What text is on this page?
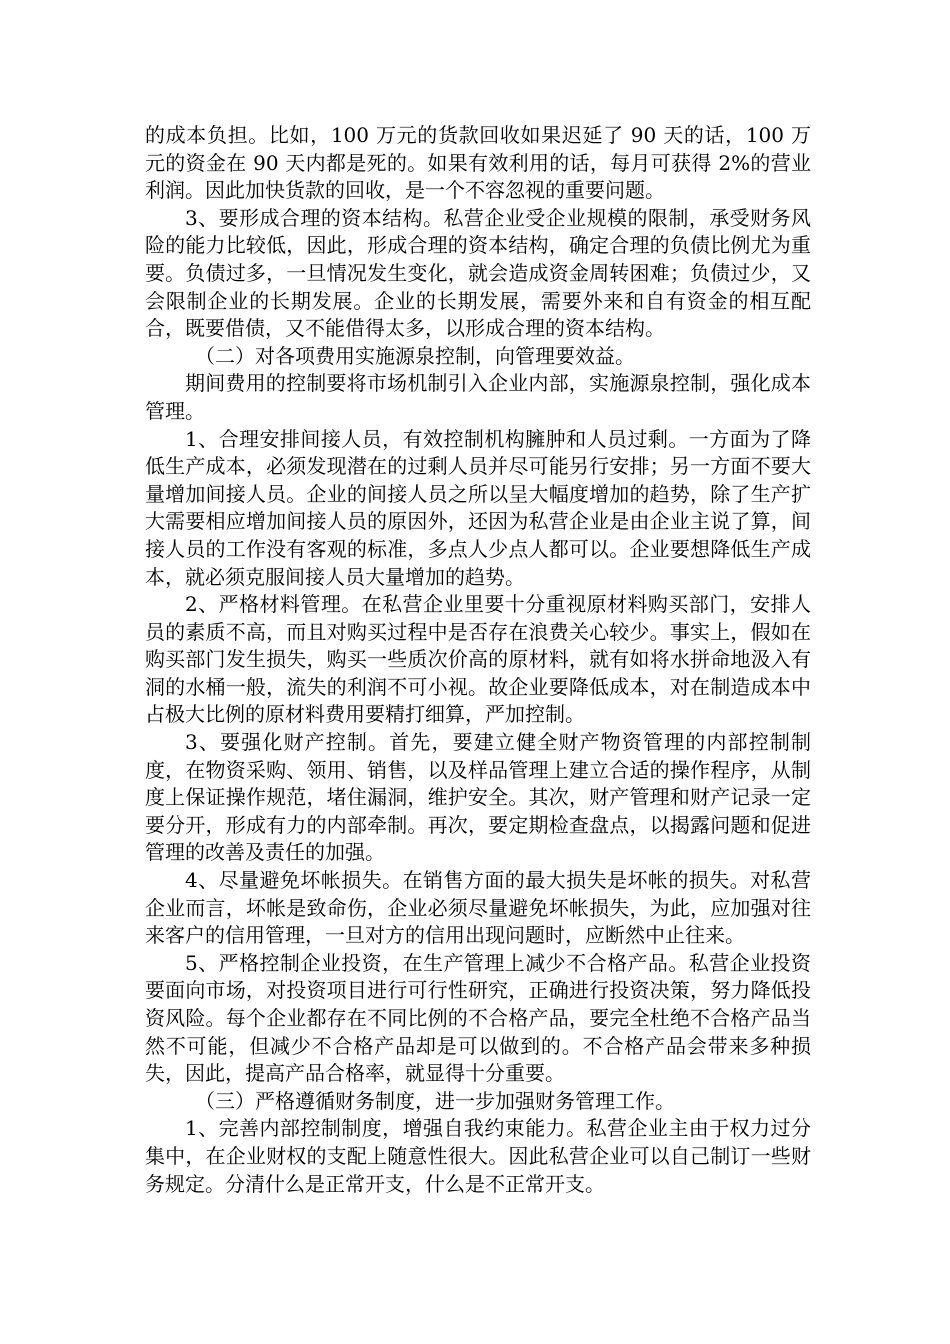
的成本负担。比如，100 万元的货款回收如果迟延了 90 天的话，100 万元的资金在 90 天内都是死的。如果有效利用的话，每月可获得 2%的营业利润。因此加快货款的回收，是一个不容忽视的重要问题。

3、要形成合理的资本结构。私营企业受企业规模的限制，承受财务风险的能力比较低，因此，形成合理的资本结构，确定合理的负债比例尤为重要。负债过多，一旦情况发生变化，就会造成资金周转困难；负债过少，又会限制企业的长期发展。企业的长期发展，需要外来和自有资金的相互配合，既要借债，又不能借得太多，以形成合理的资本结构。

（二）对各项费用实施源泉控制，向管理要效益。

期间费用的控制要将市场机制引入企业内部，实施源泉控制，强化成本管理。

1、合理安排间接人员，有效控制机构臃肿和人员过剩。一方面为了降低生产成本，必须发现潜在的过剩人员并尽可能另行安排；另一方面不要大量增加间接人员。企业的间接人员之所以呈大幅度增加的趋势，除了生产扩大需要相应增加间接人员的原因外，还因为私营企业是由企业主说了算，间接人员的工作没有客观的标准，多点人少点人都可以。企业要想降低生产成本，就必须克服间接人员大量增加的趋势。

2、严格材料管理。在私营企业里要十分重视原材料购买部门，安排人员的素质不高，而且对购买过程中是否存在浪费关心较少。事实上，假如在购买部门发生损失，购买一些质次价高的原材料，就有如将水拼命地汲入有洞的水桶一般，流失的利润不可小视。故企业要降低成本，对在制造成本中占极大比例的原材料费用要精打细算，严加控制。

3、要强化财产控制。首先，要建立健全财产物资管理的内部控制制度，在物资采购、领用、销售，以及样品管理上建立合适的操作程序，从制度上保证操作规范，堵住漏洞，维护安全。其次，财产管理和财产记录一定要分开，形成有力的内部牵制。再次，要定期检查盘点，以揭露问题和促进管理的改善及责任的加强。

4、尽量避免坏帐损失。在销售方面的最大损失是坏帐的损失。对私营企业而言，坏帐是致命伤，企业必须尽量避免坏帐损失，为此，应加强对往来客户的信用管理，一旦对方的信用出现问题时，应断然中止往来。

5、严格控制企业投资，在生产管理上减少不合格产品。私营企业投资要面向市场，对投资项目进行可行性研究，正确进行投资决策，努力降低投资风险。每个企业都存在不同比例的不合格产品，要完全杜绝不合格产品当然不可能，但减少不合格产品却是可以做到的。不合格产品会带来多种损失，因此，提高产品合格率，就显得十分重要。

（三）严格遵循财务制度，进一步加强财务管理工作。

1、完善内部控制制度，增强自我约束能力。私营企业主由于权力过分集中，在企业财权的支配上随意性很大。因此私营企业可以自己制订一些财务规定。分清什么是正常开支，什么是不正常开支。
